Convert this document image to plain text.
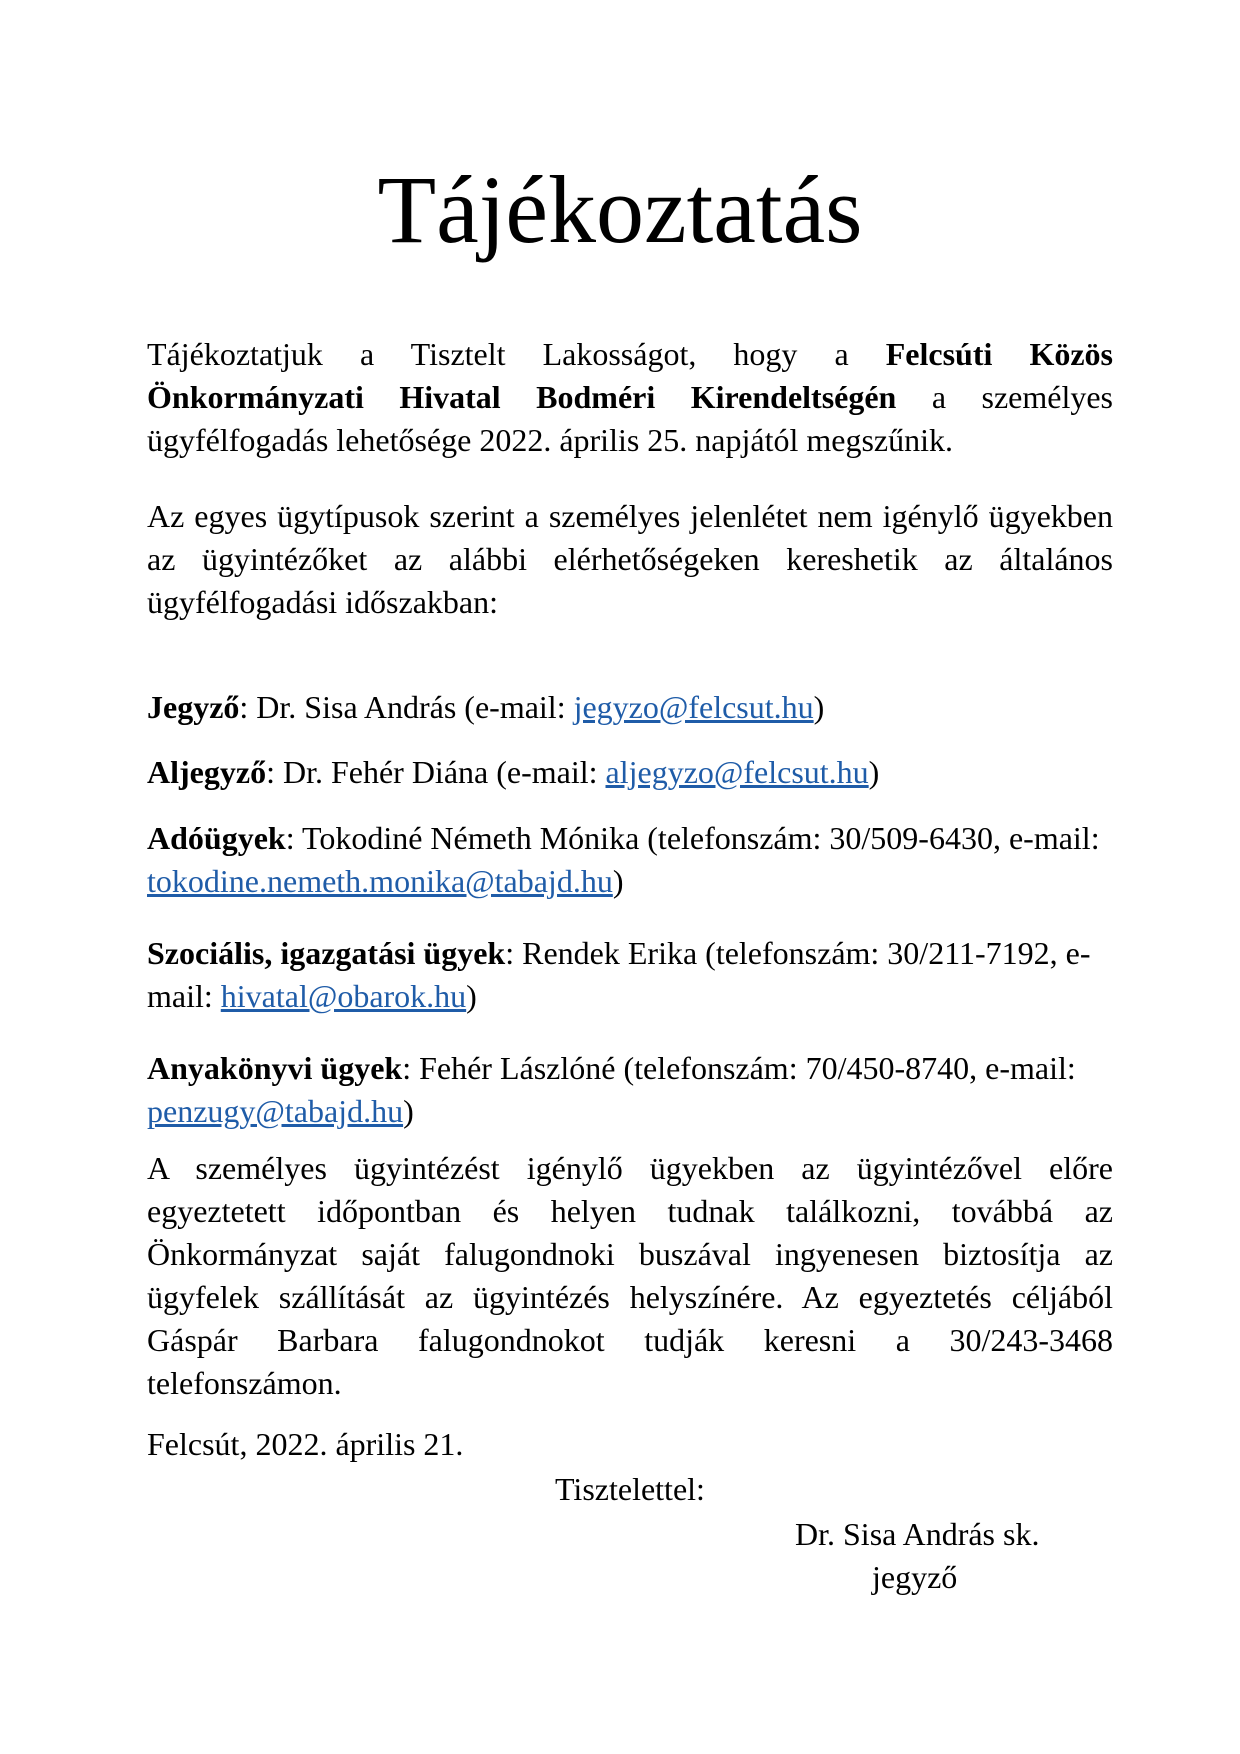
Tájékoztatás

Tájékoztatjuk a Tisztelt Lakosságot, hogy a Felcsúti Közös Önkormányzati Hivatal Bodméri Kirendeltségén a személyes ügyfélfogadás lehetősége 2022. április 25. napjától megszűnik.

Az egyes ügytípusok szerint a személyes jelenlétet nem igénylő ügyekben az ügyintézőket az alábbi elérhetőségeken kereshetik az általános ügyfélfogadási időszakban:

Jegyző: Dr. Sisa András (e-mail: jegyzo@felcsut.hu)

Aljegyző: Dr. Fehér Diána (e-mail: aljegyzo@felcsut.hu)

Adóügyek: Tokodiné Németh Mónika (telefonszám: 30/509-6430, e-mail: tokodine.nemeth.monika@tabajd.hu)

Szociális, igazgatási ügyek: Rendek Erika (telefonszám: 30/211-7192, e-mail: hivatal@obarok.hu)

Anyakönyvi ügyek: Fehér Lászlóné (telefonszám: 70/450-8740, e-mail: penzugy@tabajd.hu)

A személyes ügyintézést igénylő ügyekben az ügyintézővel előre egyeztetett időpontban és helyen tudnak találkozni, továbbá az Önkormányzat saját falugondnoki buszával ingyenesen biztosítja az ügyfelek szállítását az ügyintézés helyszínére. Az egyeztetés céljából Gáspár Barbara falugondnokot tudják keresni a 30/243-3468 telefonszámon.

Felcsút, 2022. április 21.

Tisztelettel:
Dr. Sisa András sk.
jegyző
